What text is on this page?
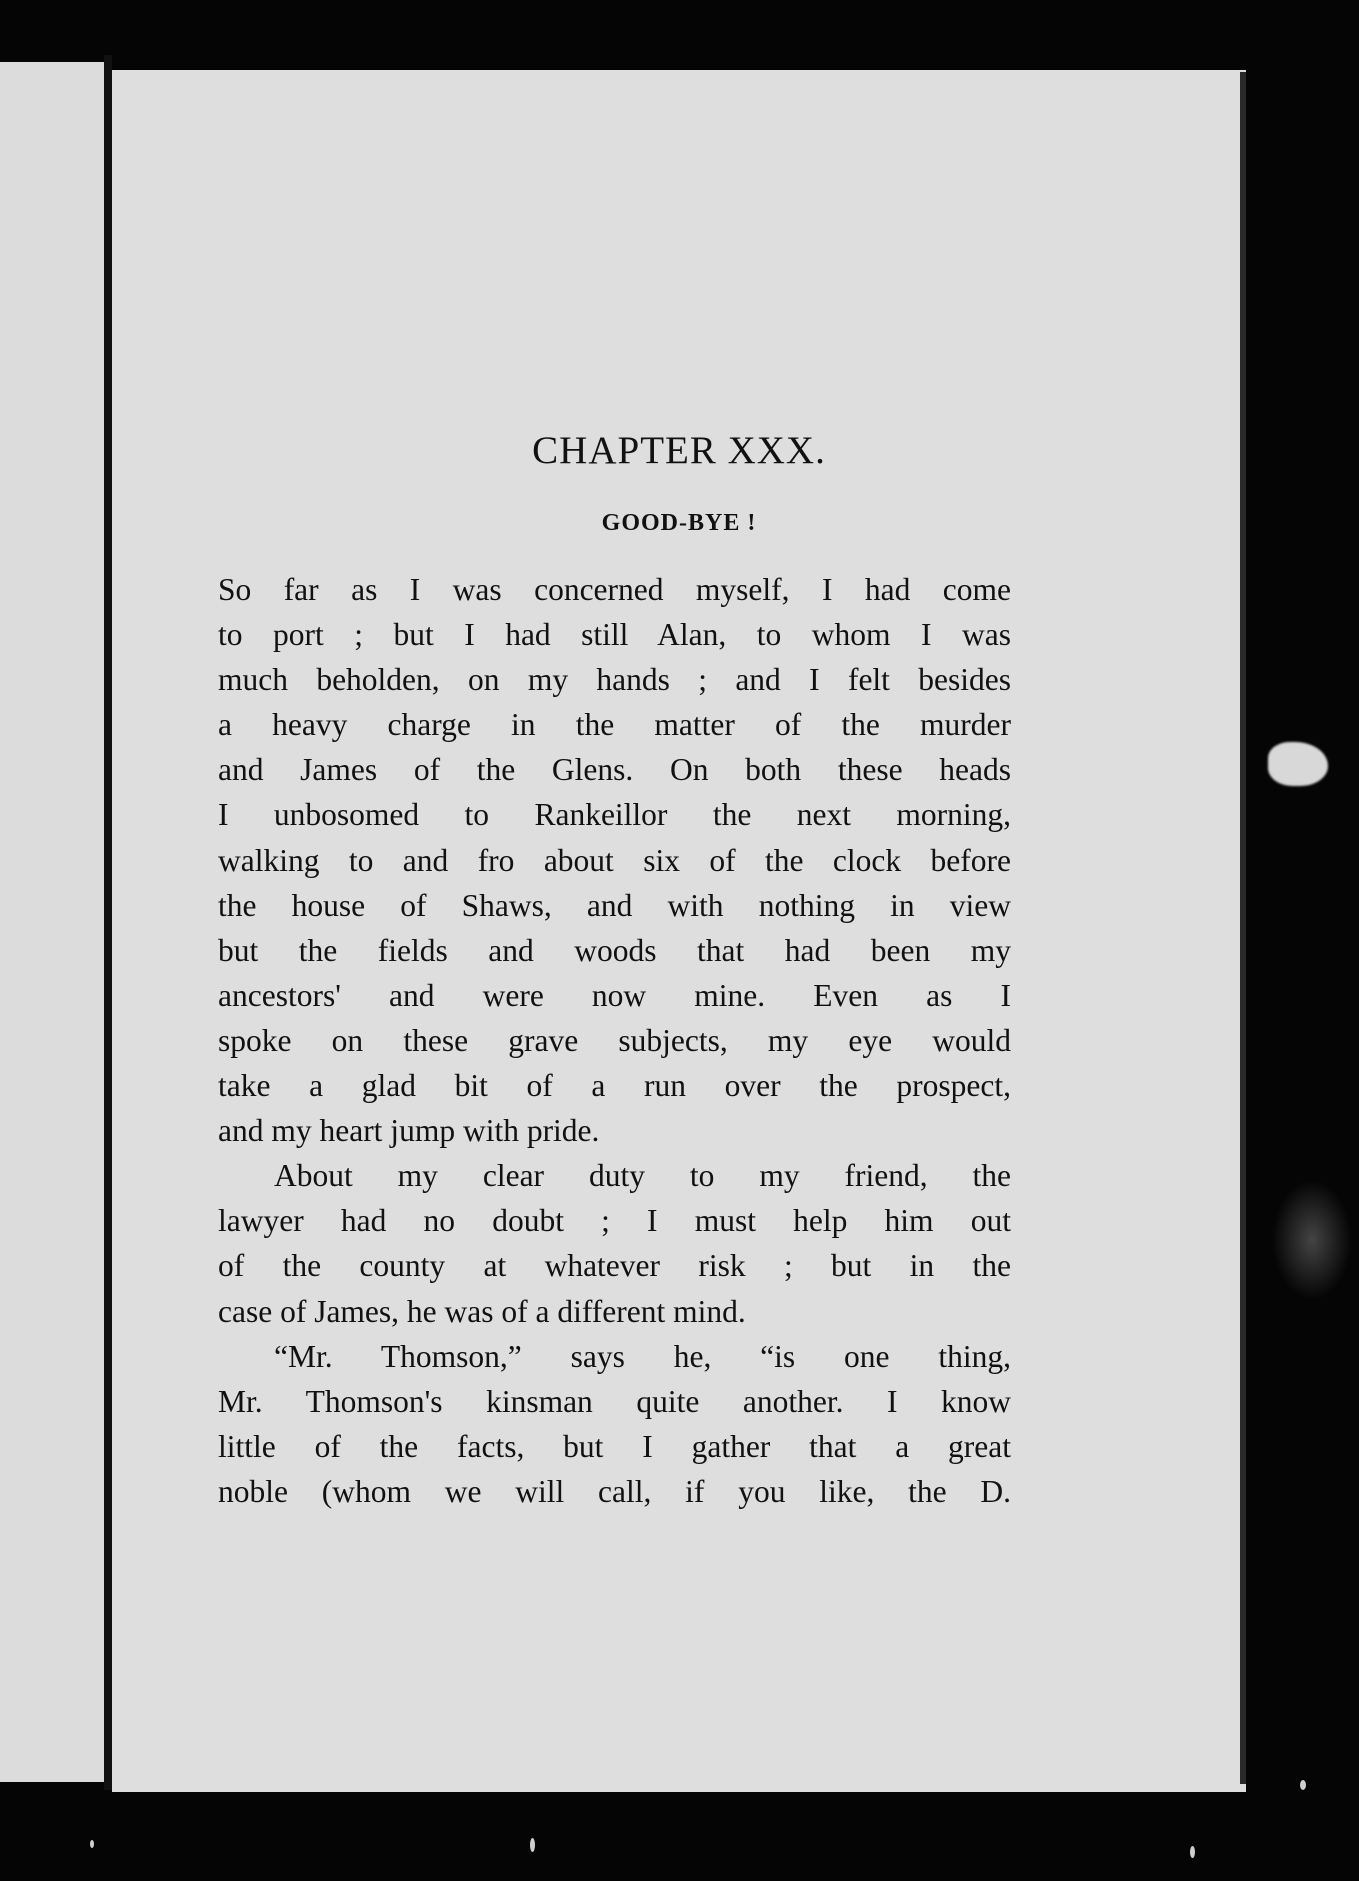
CHAPTER XXX.
GOOD-BYE !
So far as I was concerned myself, I had come
to port ; but I had still Alan, to whom I was
much beholden, on my hands ; and I felt besides
a heavy charge in the matter of the murder
and James of the Glens. On both these heads
I unbosomed to Rankeillor the next morning,
walking to and fro about six of the clock before
the house of Shaws, and with nothing in view
but the fields and woods that had been my
ancestors' and were now mine. Even as I
spoke on these grave subjects, my eye would
take a glad bit of a run over the prospect,
and my heart jump with pride.
About my clear duty to my friend, the
lawyer had no doubt ; I must help him out
of the county at whatever risk ; but in the
case of James, he was of a different mind.
“Mr. Thomson,” says he, “is one thing,
Mr. Thomson's kinsman quite another. I know
little of the facts, but I gather that a great
noble (whom we will call, if you like, the D.
